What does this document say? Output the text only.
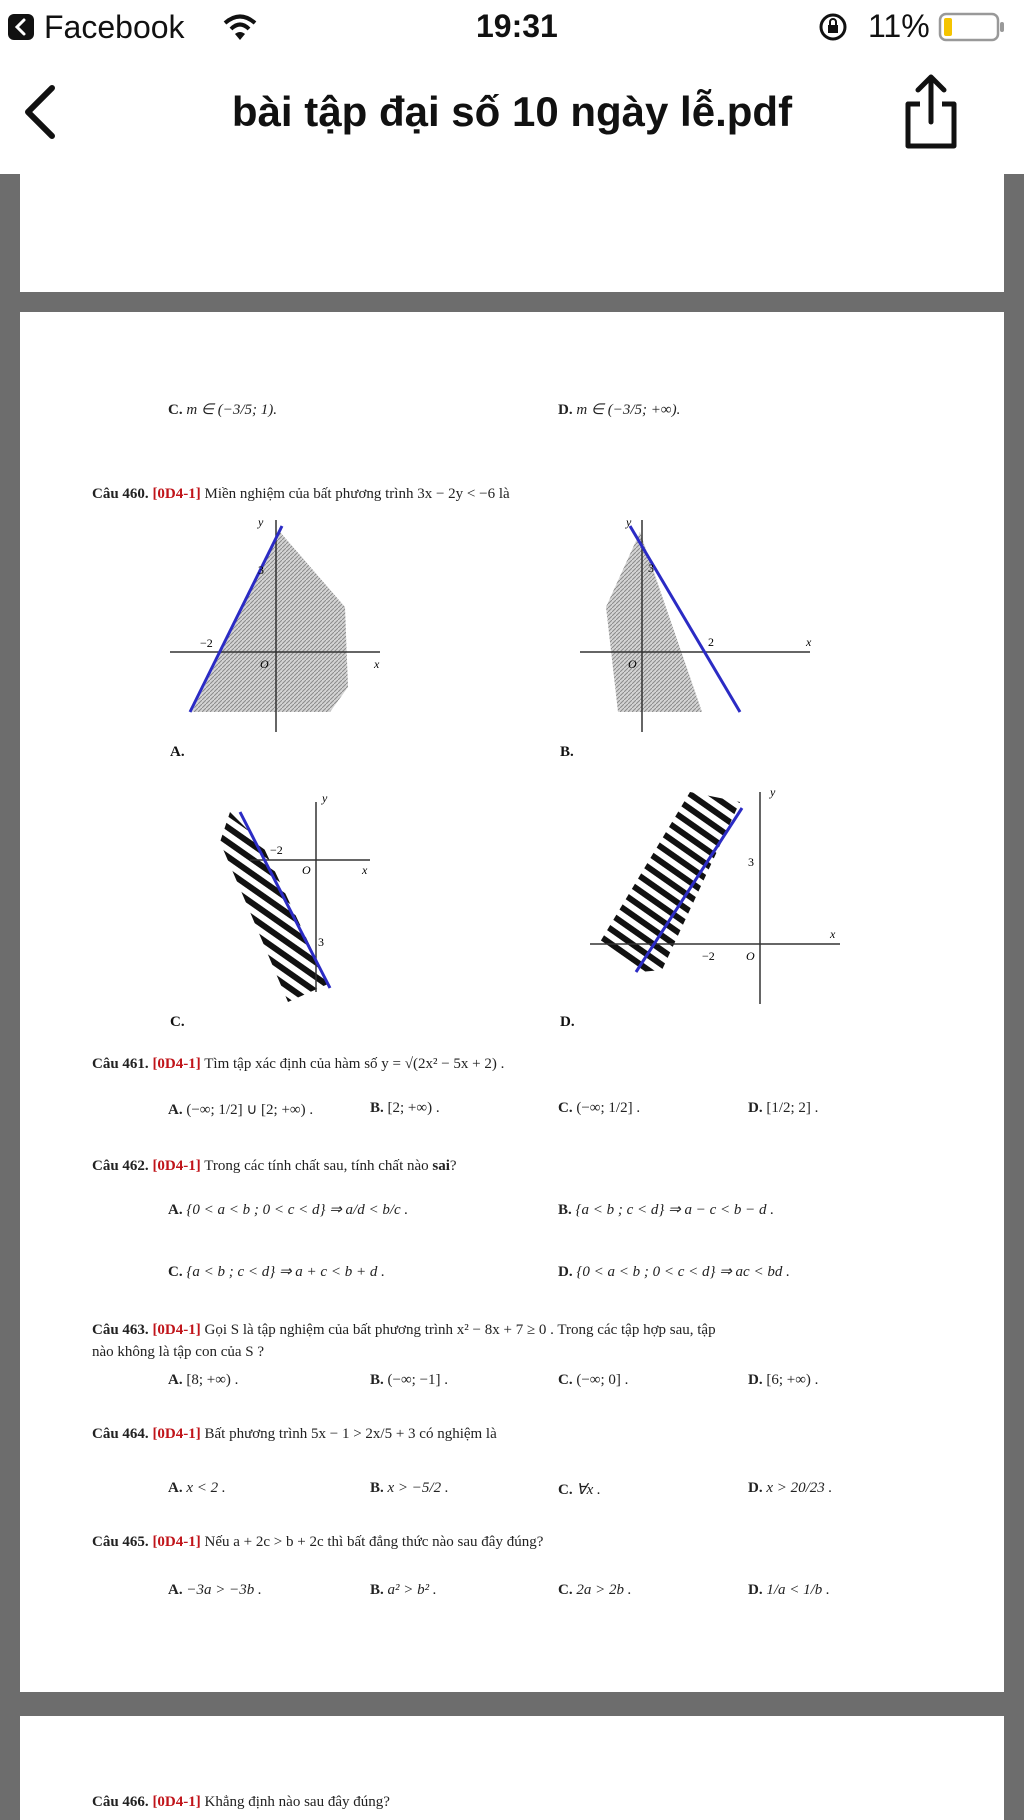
Facebook	19:31	11%
bài tập đại số 10 ngày lễ.pdf
C. m ∈ (−3/5; 1).	D. m ∈ (−3/5; +∞).
Câu 460. [0D4-1] Miền nghiệm của bất phương trình 3x − 2y < −6 là
y
x
3
−2
O
A.
y
x
3
2
O
B.
y
x
−2
3
O
C.
y
x
3
−2	O
D.
Câu 461. [0D4-1] Tìm tập xác định của hàm số y = √(2x² − 5x + 2) .
A. (−∞; 1/2] ∪ [2; +∞) .	B. [2; +∞) .	C. (−∞; 1/2] .	D. [1/2; 2] .
Câu 462. [0D4-1] Trong các tính chất sau, tính chất nào sai?
A. {0 < a < b ; 0 < c < d} ⇒ a/d < b/c .	B. {a < b ; c < d} ⇒ a − c < b − d .
C. {a < b ; c < d} ⇒ a + c < b + d .	D. {0 < a < b ; 0 < c < d} ⇒ ac < bd .
Câu 463. [0D4-1] Gọi S là tập nghiệm của bất phương trình x² − 8x + 7 ≥ 0 . Trong các tập hợp sau, tập
nào không là tập con của S ?
A. [8; +∞) .	B. (−∞; −1] .	C. (−∞; 0] .	D. [6; +∞) .
Câu 464. [0D4-1] Bất phương trình 5x − 1 > 2x/5 + 3 có nghiệm là
A. x < 2 .	B. x > −5/2 .	C. ∀x .	D. x > 20/23 .
Câu 465. [0D4-1] Nếu a + 2c > b + 2c thì bất đẳng thức nào sau đây đúng?
A. −3a > −3b .	B. a² > b² .	C. 2a > 2b .	D. 1/a < 1/b .
Câu 466. [0D4-1] Khẳng định nào sau đây đúng?
